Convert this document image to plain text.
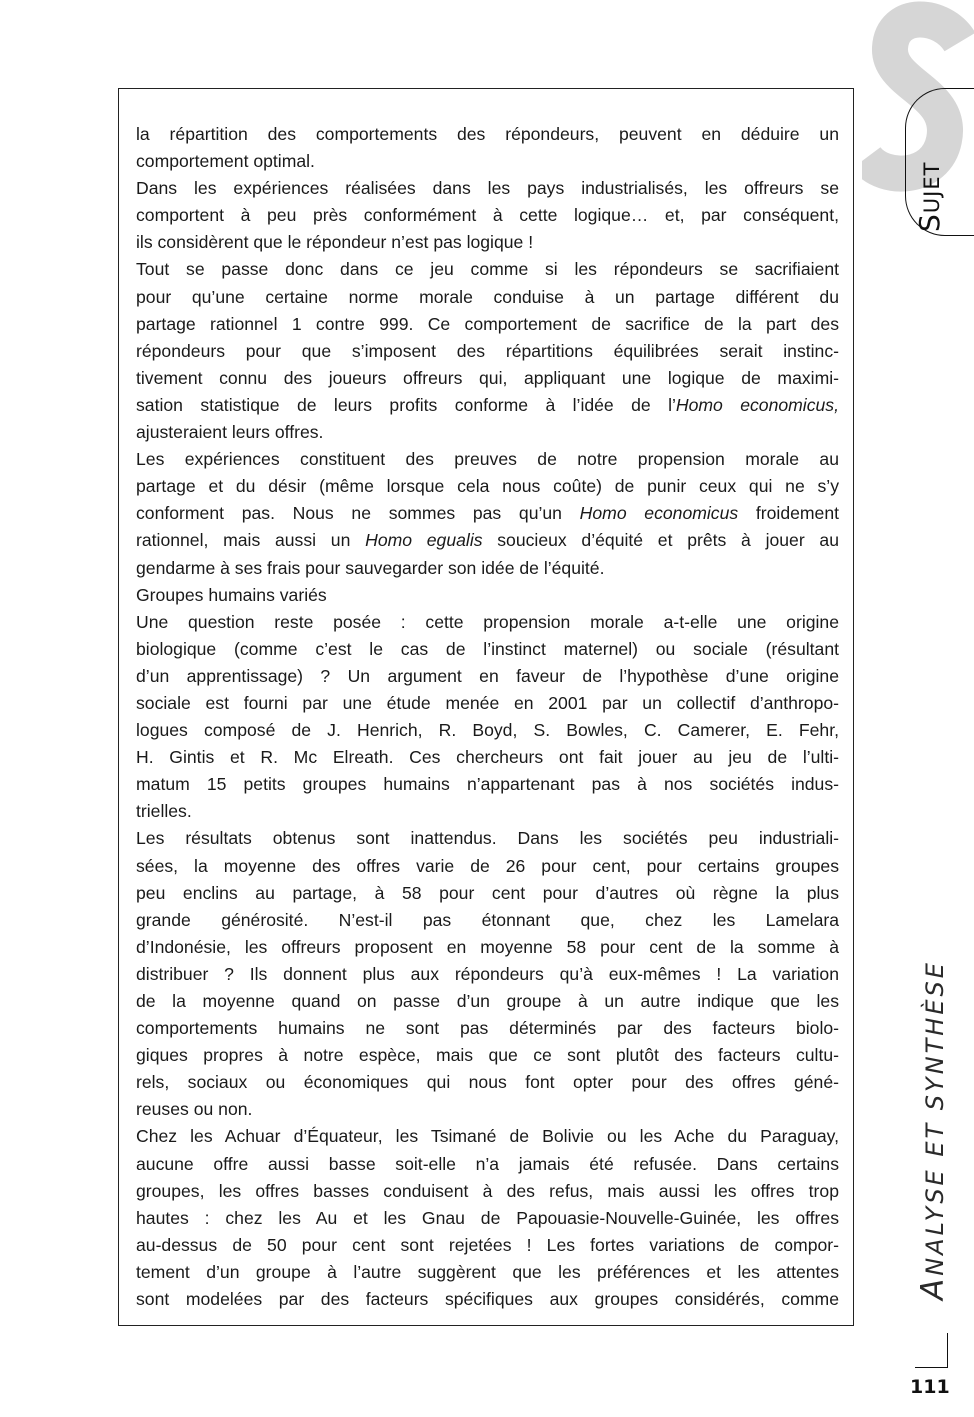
la répartition des comportements des répondeurs, peuvent en déduire un
comportement optimal.
Dans les expériences réalisées dans les pays industrialisés, les offreurs se
comportent à peu près conformément à cette logique… et, par conséquent,
ils considèrent que le répondeur n’est pas logique !
Tout se passe donc dans ce jeu comme si les répondeurs se sacrifiaient
pour qu’une certaine norme morale conduise à un partage différent du
partage rationnel 1 contre 999. Ce comportement de sacrifice de la part des
répondeurs pour que s’imposent des répartitions équilibrées serait instinc-
tivement connu des joueurs offreurs qui, appliquant une logique de maximi-
sation statistique de leurs profits conforme à l’idée de l’Homo economicus,
ajusteraient leurs offres.
Les expériences constituent des preuves de notre propension morale au
partage et du désir (même lorsque cela nous coûte) de punir ceux qui ne s’y
conforment pas. Nous ne sommes pas qu’un Homo economicus froidement
rationnel, mais aussi un Homo egualis soucieux d’équité et prêts à jouer au
gendarme à ses frais pour sauvegarder son idée de l’équité.
Groupes humains variés
Une question reste posée : cette propension morale a-t-elle une origine
biologique (comme c’est le cas de l’instinct maternel) ou sociale (résultant
d’un apprentissage) ? Un argument en faveur de l’hypothèse d’une origine
sociale est fourni par une étude menée en 2001 par un collectif d’anthropo-
logues composé de J. Henrich, R. Boyd, S. Bowles, C. Camerer, E. Fehr,
H. Gintis et R. Mc Elreath. Ces chercheurs ont fait jouer au jeu de l’ulti-
matum 15 petits groupes humains n’appartenant pas à nos sociétés indus-
trielles.
Les résultats obtenus sont inattendus. Dans les sociétés peu industriali-
sées, la moyenne des offres varie de 26 pour cent, pour certains groupes
peu enclins au partage, à 58 pour cent pour d’autres où règne la plus
grande générosité. N’est-il pas étonnant que, chez les Lamelara
d’Indonésie, les offreurs proposent en moyenne 58 pour cent de la somme à
distribuer ? Ils donnent plus aux répondeurs qu’à eux-mêmes ! La variation
de la moyenne quand on passe d’un groupe à un autre indique que les
comportements humains ne sont pas déterminés par des facteurs biolo-
giques propres à notre espèce, mais que ce sont plutôt des facteurs cultu-
rels, sociaux ou économiques qui nous font opter pour des offres géné-
reuses ou non.
Chez les Achuar d’Équateur, les Tsimané de Bolivie ou les Ache du Paraguay,
aucune offre aussi basse soit-elle n’a jamais été refusée. Dans certains
groupes, les offres basses conduisent à des refus, mais aussi les offres trop
hautes : chez les Au et les Gnau de Papouasie-Nouvelle-Guinée, les offres
au-dessus de 50 pour cent sont rejetées ! Les fortes variations de compor-
tement d’un groupe à l’autre suggèrent que les préférences et les attentes
sont modelées par des facteurs spécifiques aux groupes considérés, comme
SUJET
ANALYSE ET SYNTHÈSE
111
